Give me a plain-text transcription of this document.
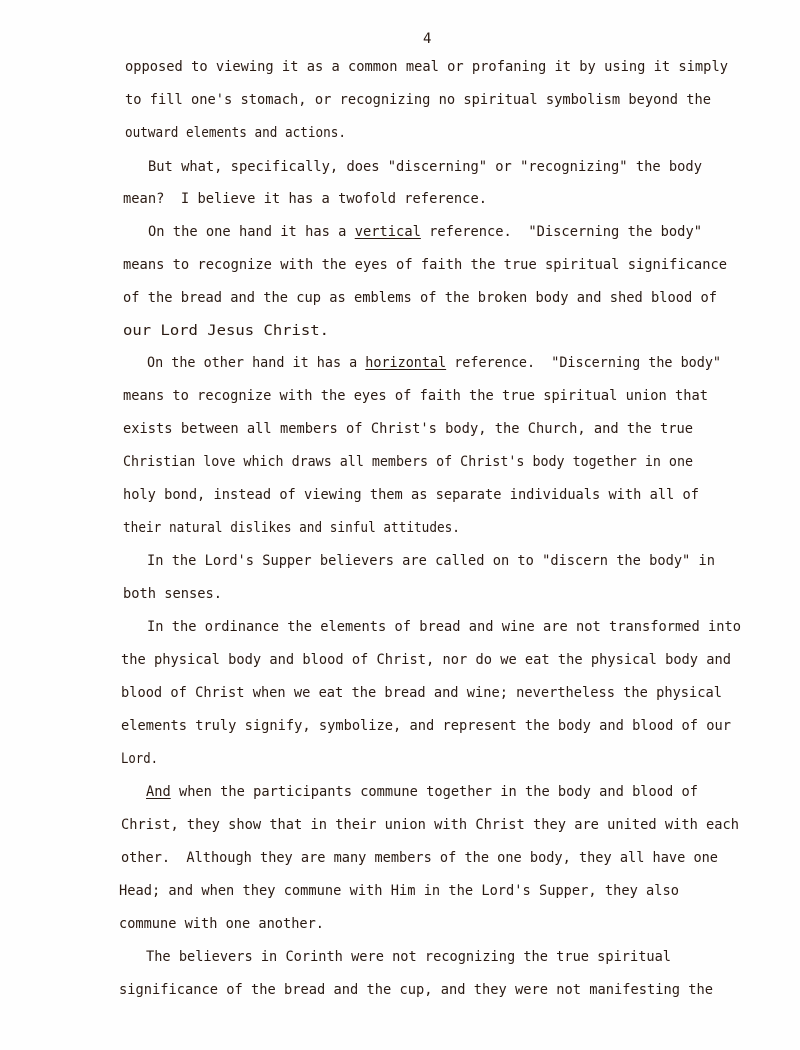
4
opposed to viewing it as a common meal or profaning it by using it simply
to fill one's stomach, or recognizing no spiritual symbolism beyond the
outward elements and actions.
But what, specifically, does "discerning" or "recognizing" the body
mean?  I believe it has a twofold reference.
On the one hand it has a vertical reference.  "Discerning the body"
means to recognize with the eyes of faith the true spiritual significance
of the bread and the cup as emblems of the broken body and shed blood of
our Lord Jesus Christ.
On the other hand it has a horizontal reference.  "Discerning the body"
means to recognize with the eyes of faith the true spiritual union that
exists between all members of Christ's body, the Church, and the true
Christian love which draws all members of Christ's body together in one
holy bond, instead of viewing them as separate individuals with all of
their natural dislikes and sinful attitudes.
In the Lord's Supper believers are called on to "discern the body" in
both senses.
In the ordinance the elements of bread and wine are not transformed into
the physical body and blood of Christ, nor do we eat the physical body and
blood of Christ when we eat the bread and wine; nevertheless the physical
elements truly signify, symbolize, and represent the body and blood of our
Lord.
And when the participants commune together in the body and blood of
Christ, they show that in their union with Christ they are united with each
other.  Although they are many members of the one body, they all have one
Head; and when they commune with Him in the Lord's Supper, they also
commune with one another.
The believers in Corinth were not recognizing the true spiritual
significance of the bread and the cup, and they were not manifesting the
